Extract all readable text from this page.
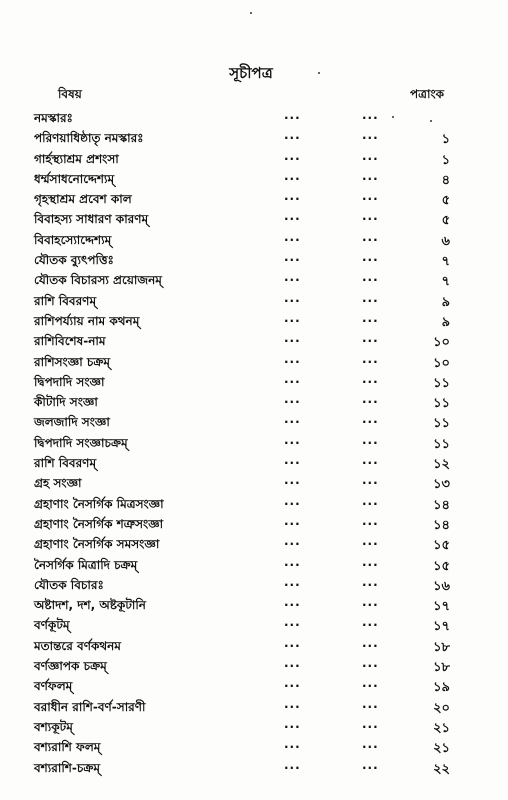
সূচীপত্র
বিষয়	পত্রাংক
নমস্কারঃ	...	...
পরিণয়াধিষ্ঠাতৃ নমস্কারঃ	...	...	১
গার্হস্থ্যাশ্রম প্রশংসা	...	...	১
ধর্ম্মসাধনোদ্দেশ্যম্	...	...	৪
গৃহস্থাশ্রম প্রবেশ কাল	...	...	৫
বিবাহস্য সাধারণ কারণম্	...	...	৫
বিবাহস্যোদ্দেশ্যম্	...	...	৬
যৌতক ব্যুৎপত্তিঃ	...	...	৭
যৌতক বিচারস্য প্রয়োজনম্	...	...	৭
রাশি বিবরণম্	...	...	৯
রাশিপর্য্যায় নাম কথনম্	...	...	৯
রাশিবিশেষ-নাম	...	...	১০
রাশিসংজ্ঞা চক্রম্	...	...	১০
দ্বিপদাদি সংজ্ঞা	...	...	১১
কীটাদি সংজ্ঞা	...	...	১১
জলজাদি সংজ্ঞা	...	...	১১
দ্বিপদাদি সংজ্ঞাচক্রম্	...	...	১১
রাশি বিবরণম্	...	...	১২
গ্রহ সংজ্ঞা	...	...	১৩
গ্রহাণাং নৈসর্গিক মিত্রসংজ্ঞা	...	...	১৪
গ্রহাণাং নৈসর্গিক শত্রুসংজ্ঞা	...	...	১৪
গ্রহাণাং নৈসর্গিক সমসংজ্ঞা	...	...	১৫
নৈসর্গিক মিত্রাদি চক্রম্	...	...	১৫
যৌতক বিচারঃ	...	...	১৬
অষ্টাদশ, দশ, অষ্টকূটানি	...	...	১৭
বর্ণকূটম্	...	...	১৭
মতান্তরে বর্ণকথনম	...	...	১৮
বর্ণজ্ঞাপক চক্রম্	...	...	১৮
বর্ণফলম্	...	...	১৯
বরাধীন রাশি-বর্ণ-সারণী	...	...	২০
বশ্যকূটম্	...	...	২১
বশ্যরাশি ফলম্	...	...	২১
বশ্যরাশি-চক্রম্	...	...	২২
